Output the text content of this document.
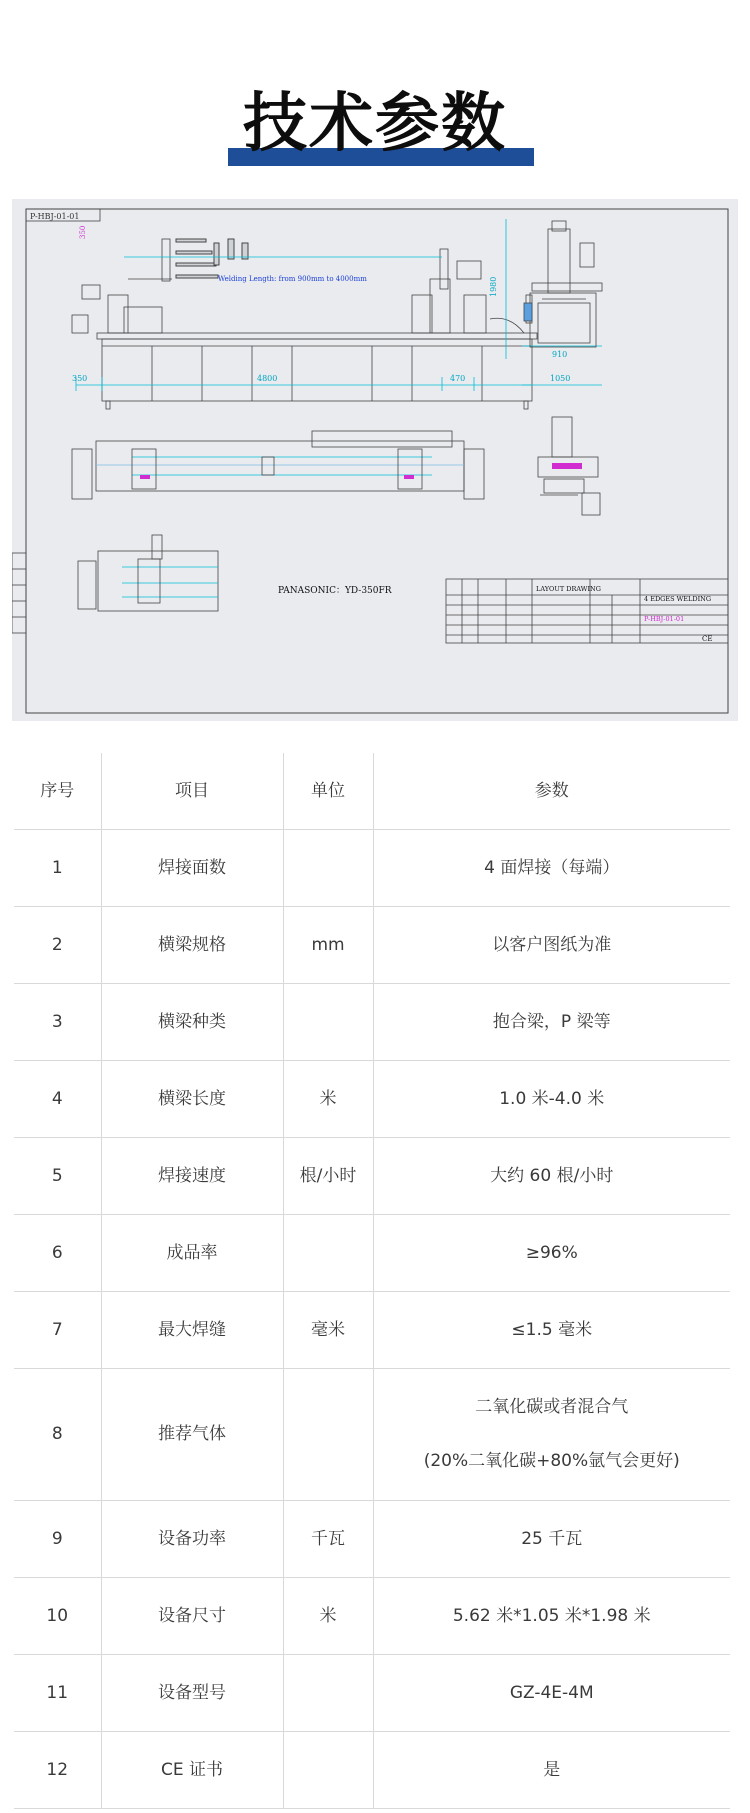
技术参数
P-HBJ-01-01
Welding Length: from 900mm to 4000mm
350	4800	470
1980
350
910
1050
PANASONIC：YD-350FR	LAYOUT DRAWING
4 EDGES WELDING
P-HBJ-01-01
CE
序号	项目	单位	参数
1	焊接面数		4 面焊接（每端）
2	横梁规格	mm	以客户图纸为准
3	横梁种类		抱合梁，P 梁等
4	横梁长度	米	1.0 米-4.0 米
5	焊接速度	根/小时	大约 60 根/小时
6	成品率		≥96%
7	最大焊缝	毫米	≤1.5 毫米
8	推荐气体		二氧化碳或者混合气
(20%二氧化碳+80%氩气会更好)

9	设备功率	千瓦	25 千瓦
10	设备尺寸	米	5.62 米*1.05 米*1.98 米
11	设备型号		GZ-4E-4M
12	CE 证书		是
